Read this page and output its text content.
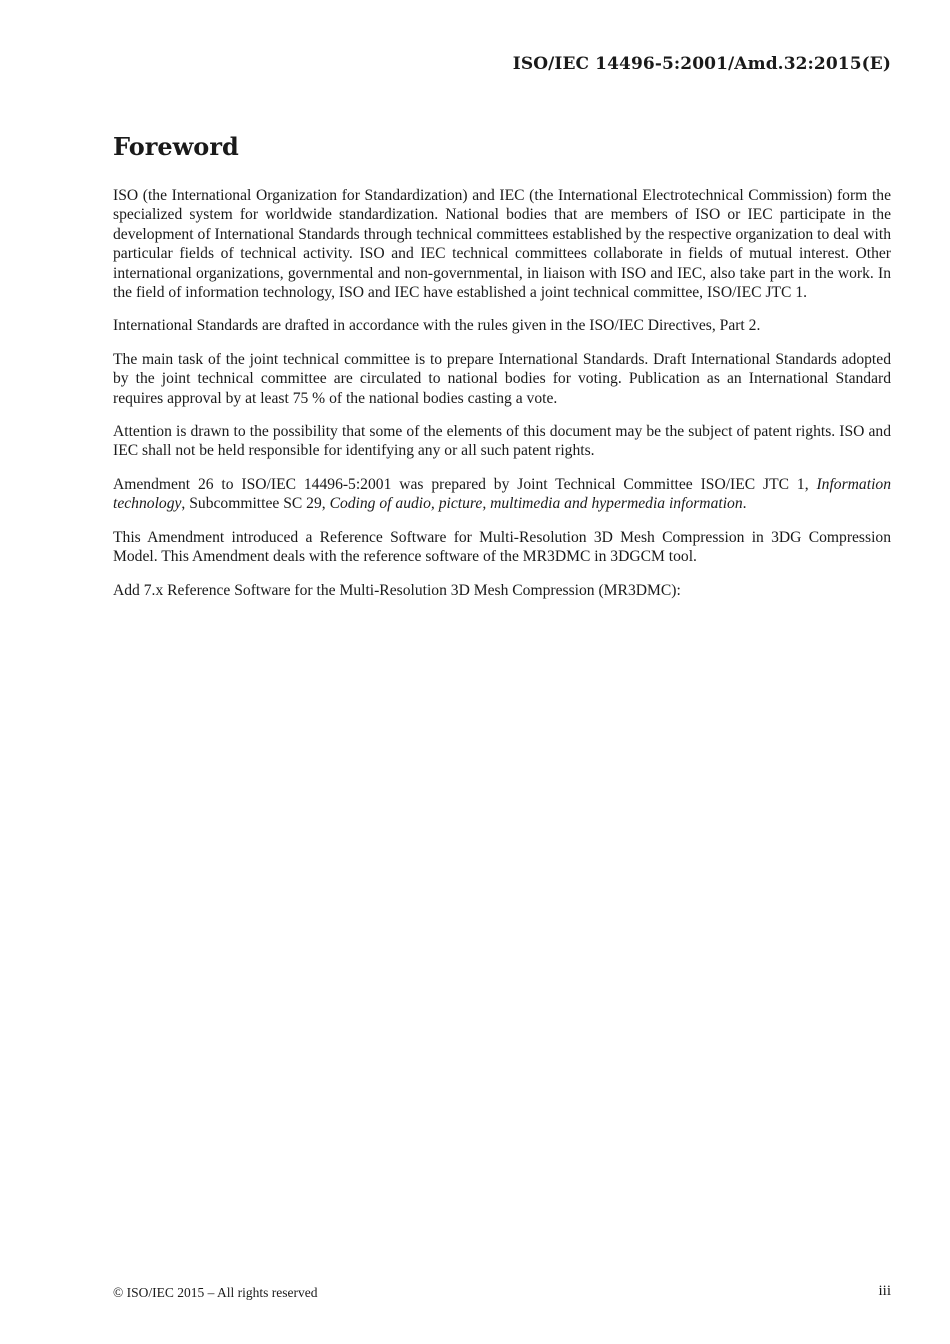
ISO/IEC 14496-5:2001/Amd.32:2015(E)
Foreword

ISO (the International Organization for Standardization) and IEC (the International Electrotechnical Commission) form the specialized system for worldwide standardization. National bodies that are members of ISO or IEC participate in the development of International Standards through technical committees established by the respective organization to deal with particular fields of technical activity. ISO and IEC technical committees collaborate in fields of mutual interest. Other international organizations, governmental and non-governmental, in liaison with ISO and IEC, also take part in the work. In the field of information technology, ISO and IEC have established a joint technical committee, ISO/IEC JTC 1.

International Standards are drafted in accordance with the rules given in the ISO/IEC Directives, Part 2.

The main task of the joint technical committee is to prepare International Standards. Draft International Standards adopted by the joint technical committee are circulated to national bodies for voting. Publication as an International Standard requires approval by at least 75 % of the national bodies casting a vote.

Attention is drawn to the possibility that some of the elements of this document may be the subject of patent rights. ISO and IEC shall not be held responsible for identifying any or all such patent rights.

Amendment 26 to ISO/IEC 14496-5:2001 was prepared by Joint Technical Committee ISO/IEC JTC 1, Information technology, Subcommittee SC 29, Coding of audio, picture, multimedia and hypermedia information.

This Amendment introduced a Reference Software for Multi-Resolution 3D Mesh Compression in 3DG Compression Model. This Amendment deals with the reference software of the MR3DMC in 3DGCM tool.

Add 7.x Reference Software for the Multi-Resolution 3D Mesh Compression (MR3DMC):

© ISO/IEC 2015 – All rights reserved	iii
